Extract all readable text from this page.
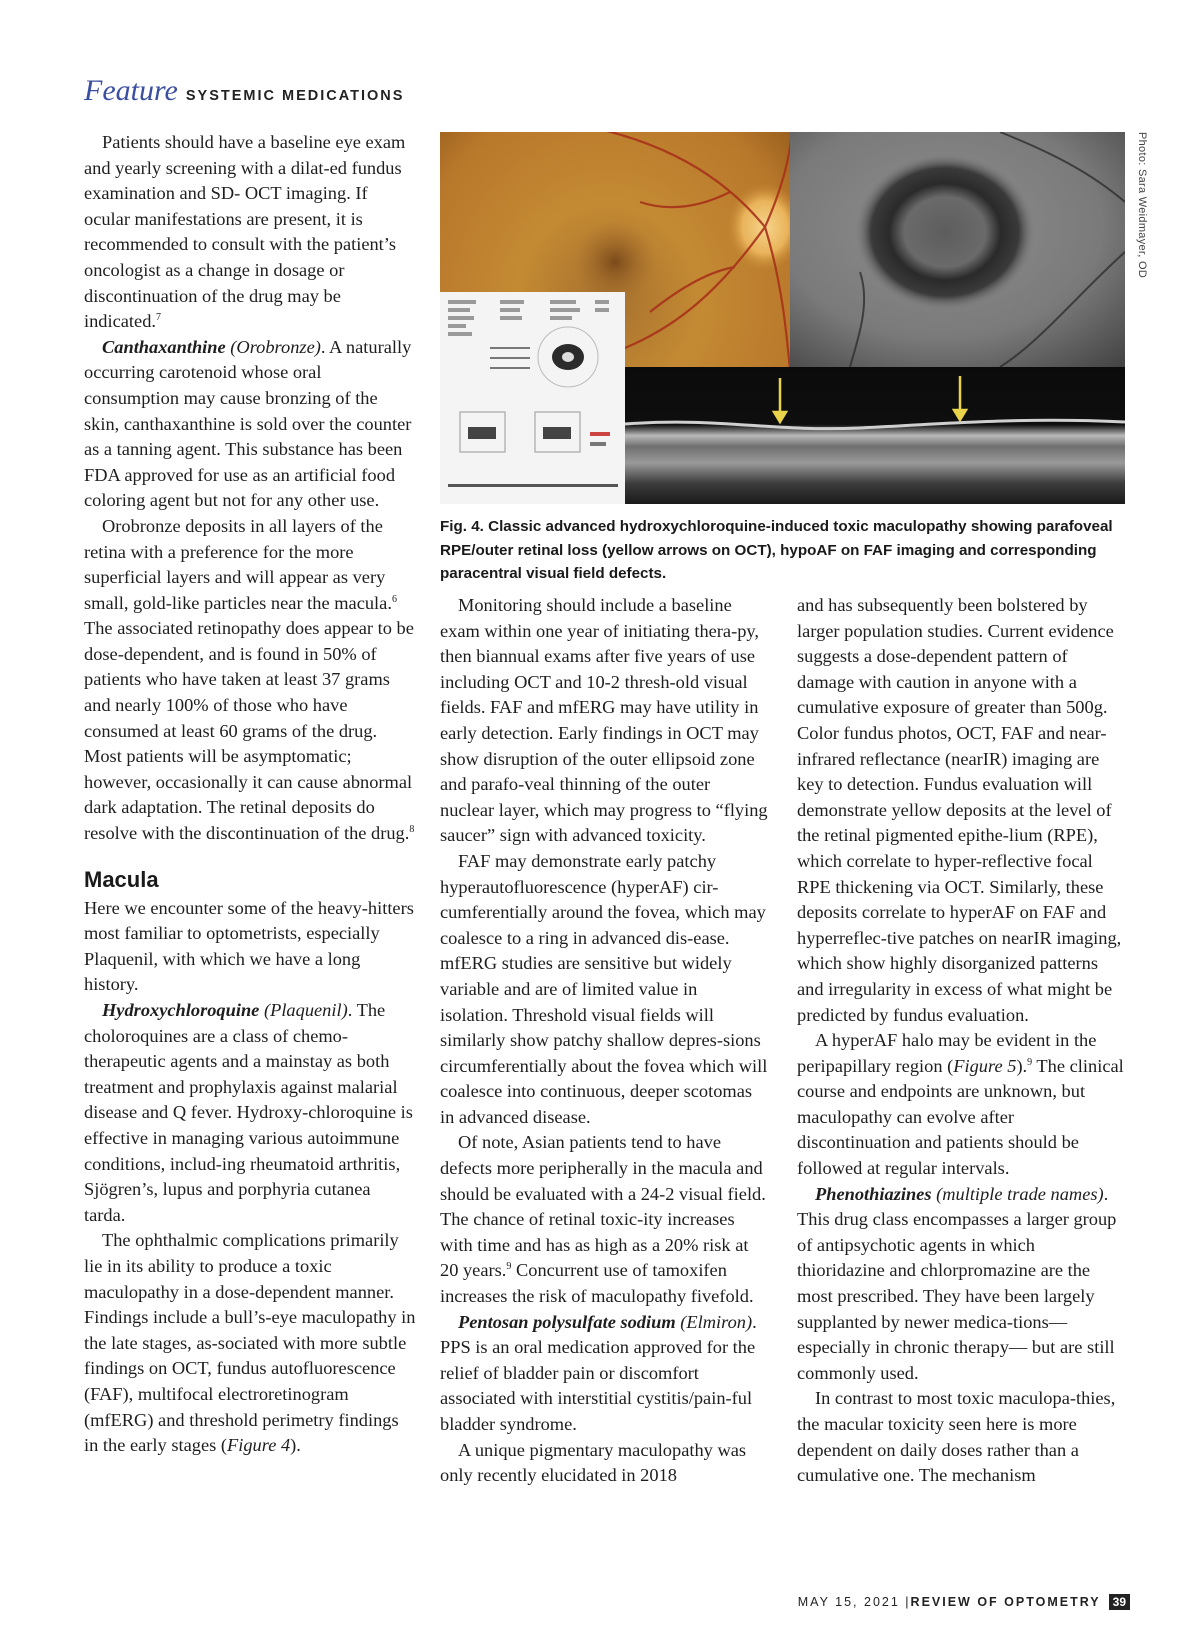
Feature SYSTEMIC MEDICATIONS

Patients should have a baseline eye exam and yearly screening with a dilat-ed fundus examination and SD- OCT imaging. If ocular manifestations are present, it is recommended to consult with the patient’s oncologist as a change in dosage or discontinuation of the drug may be indicated.$^7$

Canthaxanthine (Orobronze). A naturally occurring carotenoid whose oral consumption may cause bronzing of the skin, canthaxanthine is sold over the counter as a tanning agent. This substance has been FDA approved for use as an artificial food coloring agent but not for any other use.

Orobronze deposits in all layers of the retina with a preference for the more superficial layers and will appear as very small, gold-like particles near the macula.$^6$ The associated retinopathy does appear to be dose-dependent, and is found in 50% of patients who have taken at least 37 grams and nearly 100% of those who have consumed at least 60 grams of the drug. Most patients will be asymptomatic; however, occasionally it can cause abnormal dark adaptation. The retinal deposits do resolve with the discontinuation of the drug.$^8$

Macula

Here we encounter some of the heavy-hitters most familiar to optometrists, especially Plaquenil, with which we have a long history.

Hydroxychloroquine (Plaquenil). The choloroquines are a class of chemo-therapeutic agents and a mainstay as both treatment and prophylaxis against malarial disease and Q fever. Hydroxy-chloroquine is effective in managing various autoimmune conditions, includ-ing rheumatoid arthritis, Sjögren’s, lupus and porphyria cutanea tarda.

The ophthalmic complications primarily lie in its ability to produce a toxic maculopathy in a dose-dependent manner. Findings include a bull’s-eye maculopathy in the late stages, as-sociated with more subtle findings on OCT, fundus autofluorescence (FAF), multifocal electroretinogram (mfERG) and threshold perimetry findings in the early stages (Figure 4).

Photo: Sara Weidmayer, OD
Fig. 4. Classic advanced hydroxychloroquine-induced toxic maculopathy showing parafoveal RPE/outer retinal loss (yellow arrows on OCT), hypoAF on FAF imaging and corresponding paracentral visual field defects.

Monitoring should include a baseline exam within one year of initiating thera-py, then biannual exams after five years of use including OCT and 10-2 thresh-old visual fields. FAF and mfERG may have utility in early detection. Early findings in OCT may show disruption of the outer ellipsoid zone and parafo-veal thinning of the outer nuclear layer, which may progress to “flying saucer” sign with advanced toxicity.

FAF may demonstrate early patchy hyperautofluorescence (hyperAF) cir-cumferentially around the fovea, which may coalesce to a ring in advanced dis-ease. mfERG studies are sensitive but widely variable and are of limited value in isolation. Threshold visual fields will similarly show patchy shallow depres-sions circumferentially about the fovea which will coalesce into continuous, deeper scotomas in advanced disease.

Of note, Asian patients tend to have defects more peripherally in the macula and should be evaluated with a 24-2 visual field. The chance of retinal toxic-ity increases with time and has as high as a 20% risk at 20 years.$^9$ Concurrent use of tamoxifen increases the risk of maculopathy fivefold.

Pentosan polysulfate sodium (Elmiron). PPS is an oral medication approved for the relief of bladder pain or discomfort associated with interstitial cystitis/pain-ful bladder syndrome.

A unique pigmentary maculopathy was only recently elucidated in 2018

and has subsequently been bolstered by larger population studies. Current evidence suggests a dose-dependent pattern of damage with caution in anyone with a cumulative exposure of greater than 500g. Color fundus photos, OCT, FAF and near-infrared reflectance (nearIR) imaging are key to detection. Fundus evaluation will demonstrate yellow deposits at the level of the retinal pigmented epithe-lium (RPE), which correlate to hyper-reflective focal RPE thickening via OCT. Similarly, these deposits correlate to hyperAF on FAF and hyperreflec-tive patches on nearIR imaging, which show highly disorganized patterns and irregularity in excess of what might be predicted by fundus evaluation.

A hyperAF halo may be evident in the peripapillary region (Figure 5).$^9$ The clinical course and endpoints are unknown, but maculopathy can evolve after discontinuation and patients should be followed at regular intervals.

Phenothiazines (multiple trade names). This drug class encompasses a larger group of antipsychotic agents in which thioridazine and chlorpromazine are the most prescribed. They have been largely supplanted by newer medica-tions— especially in chronic therapy— but are still commonly used.

In contrast to most toxic maculopa-thies, the macular toxicity seen here is more dependent on daily doses rather than a cumulative one. The mechanism

MAY 15, 2021 | REVIEW OF OPTOMETRY	39
